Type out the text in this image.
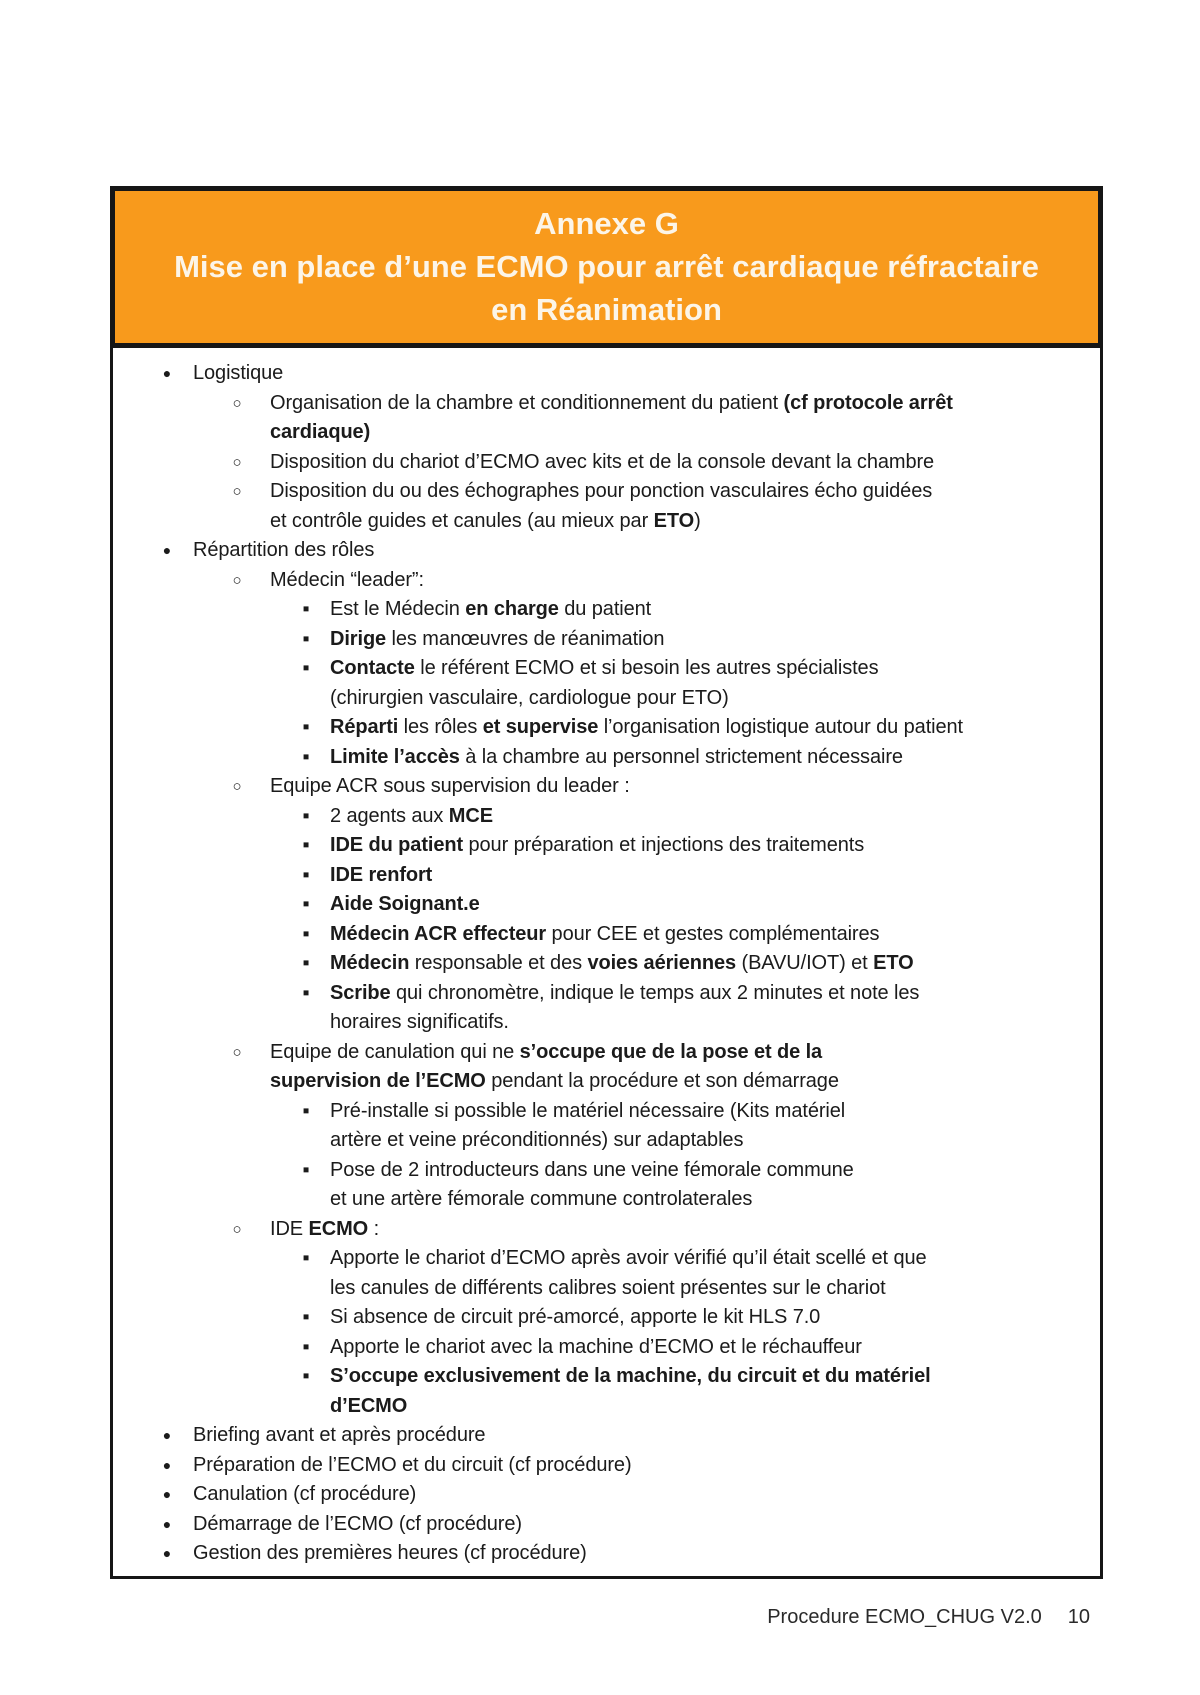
Annexe G
Mise en place d’une ECMO pour arrêt cardiaque réfractaire
en Réanimation
● Logistique
○ Organisation de la chambre et conditionnement du patient (cf protocole arrêt
cardiaque)
○ Disposition du chariot d’ECMO avec kits et de la console devant la chambre
○ Disposition du ou des échographes pour ponction vasculaires écho guidées
et contrôle guides et canules (au mieux par ETO)
● Répartition des rôles
○ Médecin “leader”:
▪	Est le Médecin en charge du patient
▪	Dirige les manœuvres de réanimation
▪	Contacte le référent ECMO et si besoin les autres spécialistes
(chirurgien vasculaire, cardiologue pour ETO)
▪	Réparti les rôles et supervise l’organisation logistique autour du patient
▪	Limite l’accès à la chambre au personnel strictement nécessaire
○ Equipe ACR sous supervision du leader :
▪	2 agents aux MCE
▪	IDE du patient pour préparation et injections des traitements
▪	IDE renfort
▪	Aide Soignant.e
▪	Médecin ACR effecteur pour CEE et gestes complémentaires
▪	Médecin responsable et des voies aériennes (BAVU/IOT) et ETO
▪	Scribe qui chronomètre, indique le temps aux 2 minutes et note les
horaires significatifs.
○ Equipe de canulation qui ne s’occupe que de la pose et de la
supervision de l’ECMO pendant la procédure et son démarrage
▪	Pré-installe si possible le matériel nécessaire (Kits matériel
artère et veine préconditionnés) sur adaptables
▪	Pose de 2 introducteurs dans une veine fémorale commune
et une artère fémorale commune controlaterales
○ IDE ECMO :
▪	Apporte le chariot d’ECMO après avoir vérifié qu’il était scellé et que
les canules de différents calibres soient présentes sur le chariot
▪	Si absence de circuit pré-amorcé, apporte le kit HLS 7.0
▪	Apporte le chariot avec la machine d’ECMO et le réchauffeur
▪	S’occupe exclusivement de la machine, du circuit et du matériel
d’ECMO
● Briefing avant et après procédure
● Préparation de l’ECMO et du circuit (cf procédure)
● Canulation (cf procédure)
● Démarrage de l’ECMO (cf procédure)
● Gestion des premières heures (cf procédure)
Procedure ECMO_CHUG V2.0 10
